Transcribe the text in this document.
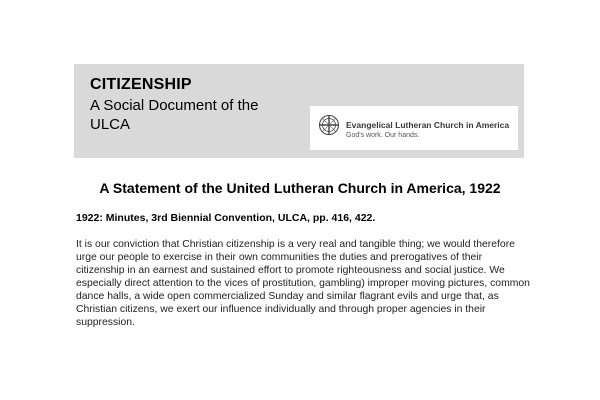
CITIZENSHIP
A Social Document of the ULCA	Evangelical Lutheran Church in America
God's work. Our hands.
A Statement of the United Lutheran Church in America, 1922
1922: Minutes, 3rd Biennial Convention, ULCA, pp. 416, 422.
It is our conviction that Christian citizenship is a very real and tangible thing; we would therefore urge our people to exercise in their own communities the duties and prerogatives of their citizenship in an earnest and sustained effort to promote righteousness and social justice. We especially direct attention to the vices of prostitution, gambling) improper moving pictures, common dance halls, a wide open commercialized Sunday and similar flagrant evils and urge that, as Christian citizens, we exert our influence individually and through proper agencies in their suppression.
